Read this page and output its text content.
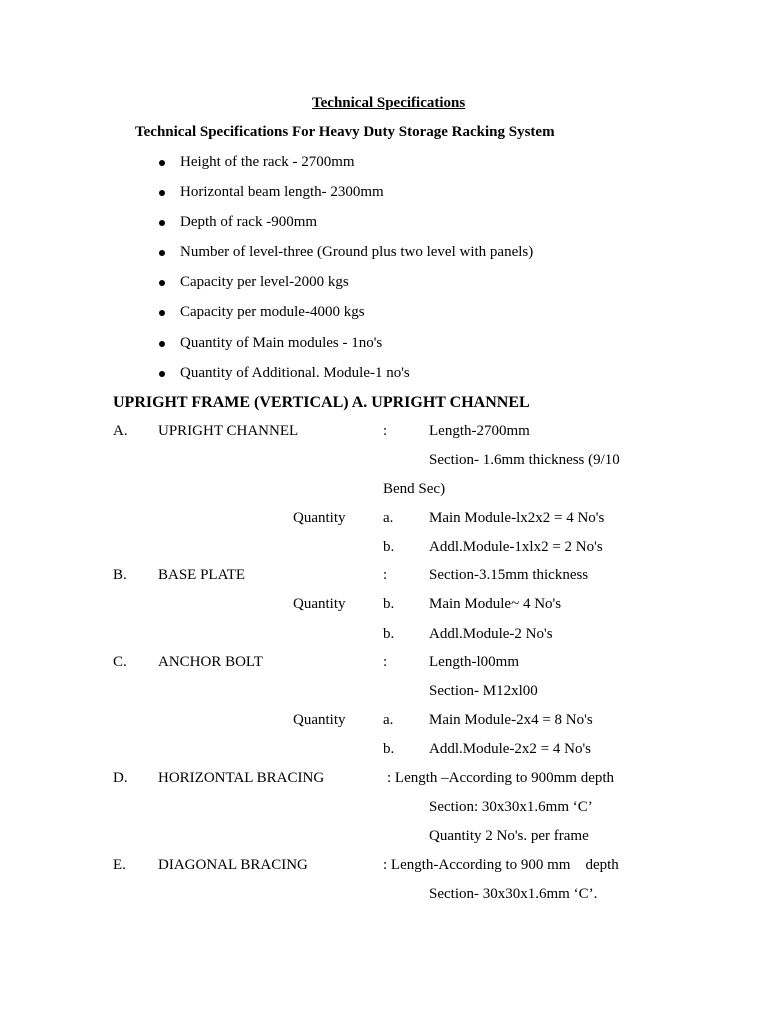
Technical Specifications
Technical Specifications For Heavy Duty Storage Racking System
Height of the rack - 2700mm
Horizontal beam length- 2300mm
Depth of rack -900mm
Number of level-three (Ground plus two level with panels)
Capacity per level-2000 kgs
Capacity per module-4000 kgs
Quantity of Main modules - 1no's
Quantity of Additional. Module-1 no's
UPRIGHT FRAME (VERTICAL) A. UPRIGHT CHANNEL
A. UPRIGHT CHANNEL	:	Length-2700mm
Section- 1.6mm thickness (9/10
Bend Sec)
Quantity	a. Main Module-lx2x2 = 4 No's
b. Addl.Module-1xlx2 = 2 No's
B. BASE PLATE	:	Section-3.15mm thickness
Quantity	b. Main Module~ 4 No's
b. Addl.Module-2 No's
C. ANCHOR BOLT	:	Length-l00mm
Section- M12xl00
Quantity	a. Main Module-2x4 = 8 No's
b. Addl.Module-2x2 = 4 No's
D. HORIZONTAL BRACING	: Length –According to 900mm depth
Section: 30x30x1.6mm ‘C’
Quantity 2 No's. per frame
E. DIAGONAL BRACING	: Length-According to 900 mm    depth
Section- 30x30x1.6mm ‘C’.
